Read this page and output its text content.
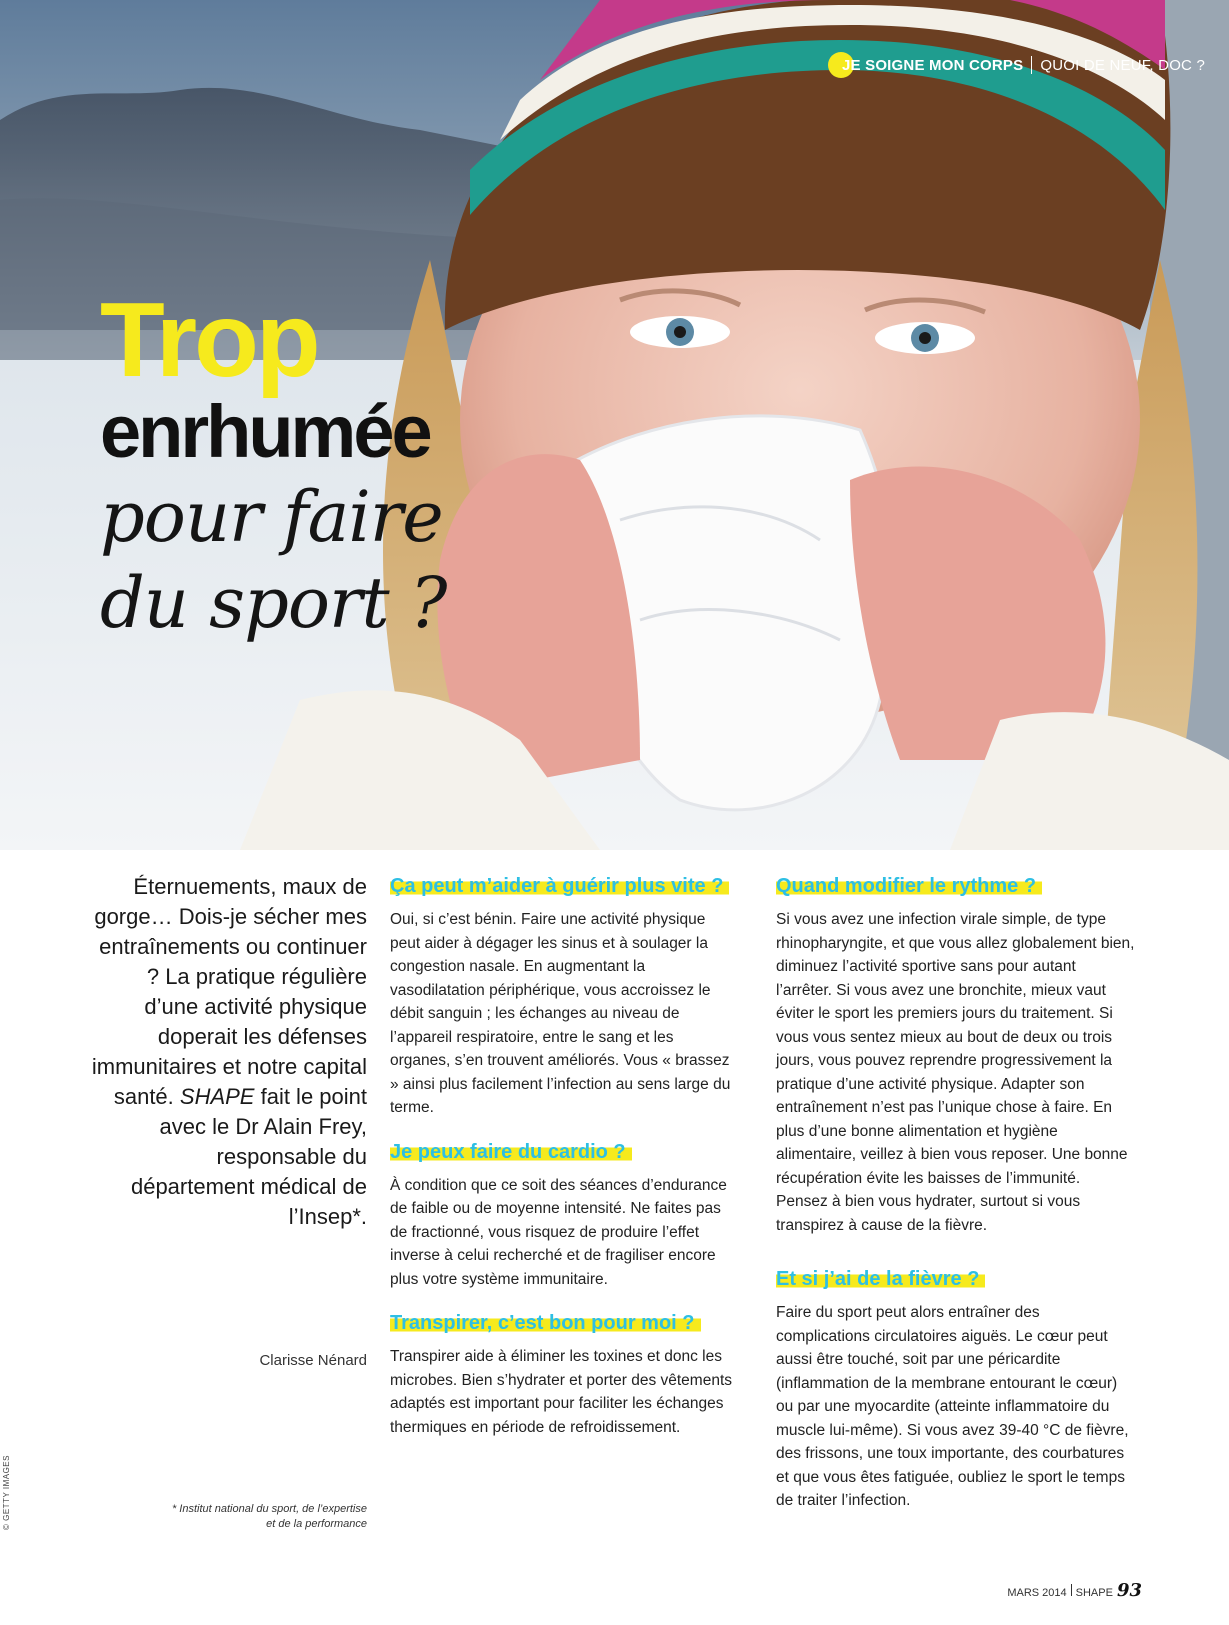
JE SOIGNE MON CORPS QUOI DE NEUF, DOC ?
Trop
enrhumée
pour faire
du sport ?
Éternuements, maux de gorge… Dois-je sécher mes entraînements ou continuer ? La pratique régulière d’une activité physique doperait les défenses immunitaires et notre capital santé. SHAPE fait le point avec le Dr Alain Frey, responsable du département médical de l’Insep*.
Clarisse Nénard
* Institut national du sport, de l’expertise et de la performance
© GETTY IMAGES
Ça peut m’aider à guérir plus vite ?

Oui, si c’est bénin. Faire une activité physique peut aider à dégager les sinus et à soulager la congestion nasale. En augmentant la vasodilatation périphérique, vous accroissez le débit sanguin ; les échanges au niveau de l’appareil respiratoire, entre le sang et les organes, s’en trouvent améliorés. Vous « brassez » ainsi plus facilement l’infection au sens large du terme.

Je peux faire du cardio ?

À condition que ce soit des séances d’endurance de faible ou de moyenne intensité. Ne faites pas de fractionné, vous risquez de produire l’effet inverse à celui recherché et de fragiliser encore plus votre système immunitaire.

Transpirer, c’est bon pour moi ?

Transpirer aide à éliminer les toxines et donc les microbes. Bien s’hydrater et porter des vêtements adaptés est important pour faciliter les échanges thermiques en période de refroidissement.

Quand modifier le rythme ?

Si vous avez une infection virale simple, de type rhinopharyngite, et que vous allez globalement bien, diminuez l’activité sportive sans pour autant l’arrêter. Si vous avez une bronchite, mieux vaut éviter le sport les premiers jours du traitement. Si vous vous sentez mieux au bout de deux ou trois jours, vous pouvez reprendre progressivement la pratique d’une activité physique. Adapter son entraînement n’est pas l’unique chose à faire. En plus d’une bonne alimentation et hygiène alimentaire, veillez à bien vous reposer. Une bonne récupération évite les baisses de l’immunité. Pensez à bien vous hydrater, surtout si vous transpirez à cause de la fièvre.

Et si j’ai de la fièvre ?

Faire du sport peut alors entraîner des complications circulatoires aiguës. Le cœur peut aussi être touché, soit par une péricardite (inflammation de la membrane entourant le cœur) ou par une myocardite (atteinte inflammatoire du muscle lui-même). Si vous avez 39-40 °C de fièvre, des frissons, une toux importante, des courbatures et que vous êtes fatiguée, oubliez le sport le temps de traiter l’infection.

MARS 2014 SHAPE 93
